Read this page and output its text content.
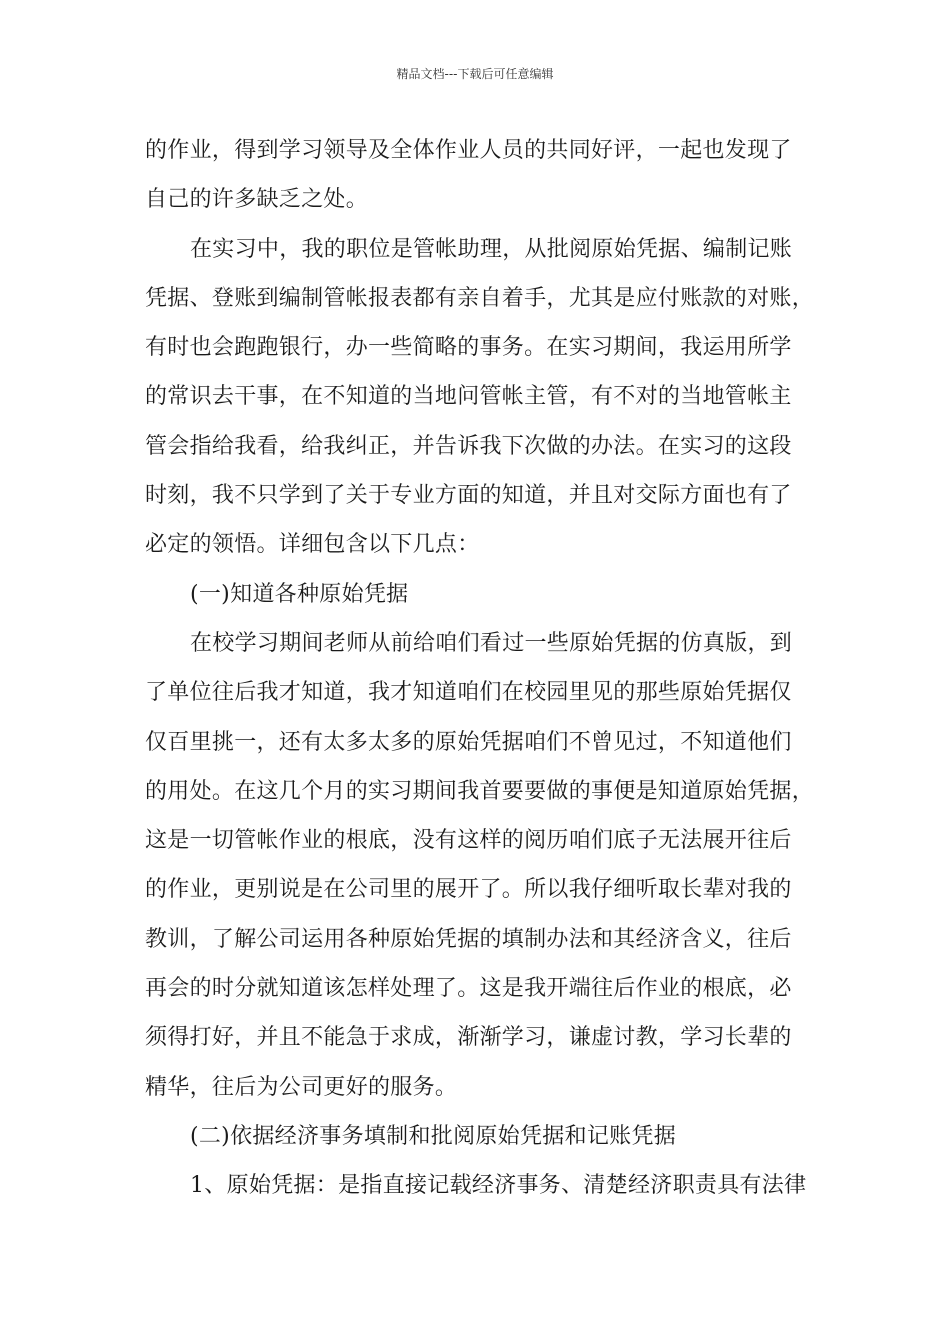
精品文档---下载后可任意编辑
的作业，得到学习领导及全体作业人员的共同好评，一起也发现了
自己的许多缺乏之处。
在实习中，我的职位是管帐助理，从批阅原始凭据、编制记账
凭据、登账到编制管帐报表都有亲自着手，尤其是应付账款的对账，
有时也会跑跑银行，办一些简略的事务。在实习期间，我运用所学
的常识去干事，在不知道的当地问管帐主管，有不对的当地管帐主
管会指给我看，给我纠正，并告诉我下次做的办法。在实习的这段
时刻，我不只学到了关于专业方面的知道，并且对交际方面也有了
必定的领悟。详细包含以下几点：
(一)知道各种原始凭据
在校学习期间老师从前给咱们看过一些原始凭据的仿真版，到
了单位往后我才知道，我才知道咱们在校园里见的那些原始凭据仅
仅百里挑一，还有太多太多的原始凭据咱们不曾见过，不知道他们
的用处。在这几个月的实习期间我首要要做的事便是知道原始凭据，
这是一切管帐作业的根底，没有这样的阅历咱们底子无法展开往后
的作业，更别说是在公司里的展开了。所以我仔细听取长辈对我的
教训，了解公司运用各种原始凭据的填制办法和其经济含义，往后
再会的时分就知道该怎样处理了。这是我开端往后作业的根底，必
须得打好，并且不能急于求成，渐渐学习，谦虚讨教，学习长辈的
精华，往后为公司更好的服务。
(二)依据经济事务填制和批阅原始凭据和记账凭据
1、原始凭据：是指直接记载经济事务、清楚经济职责具有法律
